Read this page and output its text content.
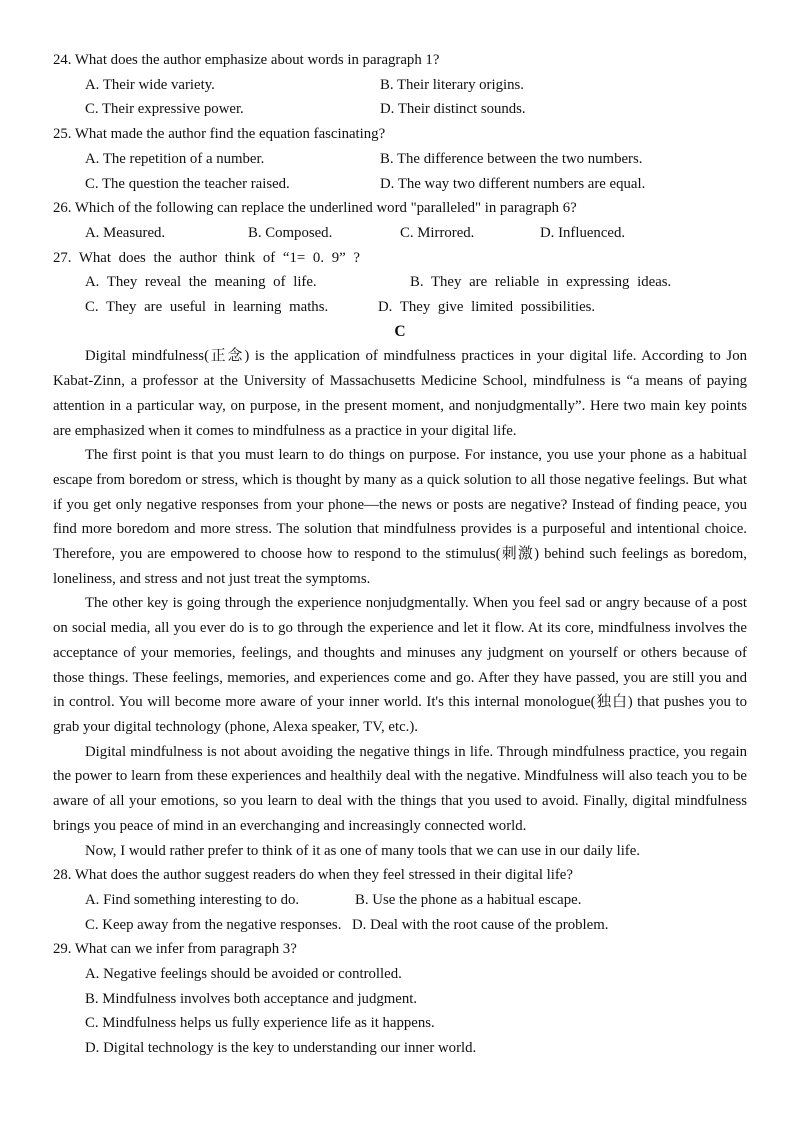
24. What does the author emphasize about words in paragraph 1?
A. Their wide variety.	B. Their literary origins.
C. Their expressive power.	D. Their distinct sounds.
25. What made the author find the equation fascinating?
A. The repetition of a number.	B. The difference between the two numbers.
C. The question the teacher raised.	D. The way two different numbers are equal.
26. Which of the following can replace the underlined word "paralleled" in paragraph 6?
A. Measured.	B. Composed.	C. Mirrored.	D. Influenced.
27. What does the author think of “1= 0. 9” ?
A. They reveal the meaning of life.	B. They are reliable in expressing ideas.
C. They are useful in learning maths.	D. They give limited possibilities.
C

Digital mindfulness(正念) is the application of mindfulness practices in your digital life. According to Jon Kabat-Zinn, a professor at the University of Massachusetts Medicine School, mindfulness is “a means of paying attention in a particular way, on purpose, in the present moment, and nonjudgmentally”. Here two main key points are emphasized when it comes to mindfulness as a practice in your digital life.

The first point is that you must learn to do things on purpose. For instance, you use your phone as a habitual escape from boredom or stress, which is thought by many as a quick solution to all those negative feelings. But what if you get only negative responses from your phone—the news or posts are negative? Instead of finding peace, you find more boredom and more stress. The solution that mindfulness provides is a purposeful and intentional choice. Therefore, you are empowered to choose how to respond to the stimulus(刺激) behind such feelings as boredom, loneliness, and stress and not just treat the symptoms.

The other key is going through the experience nonjudgmentally. When you feel sad or angry because of a post on social media, all you ever do is to go through the experience and let it flow. At its core, mindfulness involves the acceptance of your memories, feelings, and thoughts and minuses any judgment on yourself or others because of those things. These feelings, memories, and experiences come and go. After they have passed, you are still you and in control. You will become more aware of your inner world. It's this internal monologue(独白) that pushes you to grab your digital technology (phone, Alexa speaker, TV, etc.).

Digital mindfulness is not about avoiding the negative things in life. Through mindfulness practice, you regain the power to learn from these experiences and healthily deal with the negative. Mindfulness will also teach you to be aware of all your emotions, so you learn to deal with the things that you used to avoid. Finally, digital mindfulness brings you peace of mind in an everchanging and increasingly connected world.

Now, I would rather prefer to think of it as one of many tools that we can use in our daily life.

28. What does the author suggest readers do when they feel stressed in their digital life?
A. Find something interesting to do.	B. Use the phone as a habitual escape.
C. Keep away from the negative responses. D. Deal with the root cause of the problem.
29. What can we infer from paragraph 3?
A. Negative feelings should be avoided or controlled.
B. Mindfulness involves both acceptance and judgment.
C. Mindfulness helps us fully experience life as it happens.
D. Digital technology is the key to understanding our inner world.
